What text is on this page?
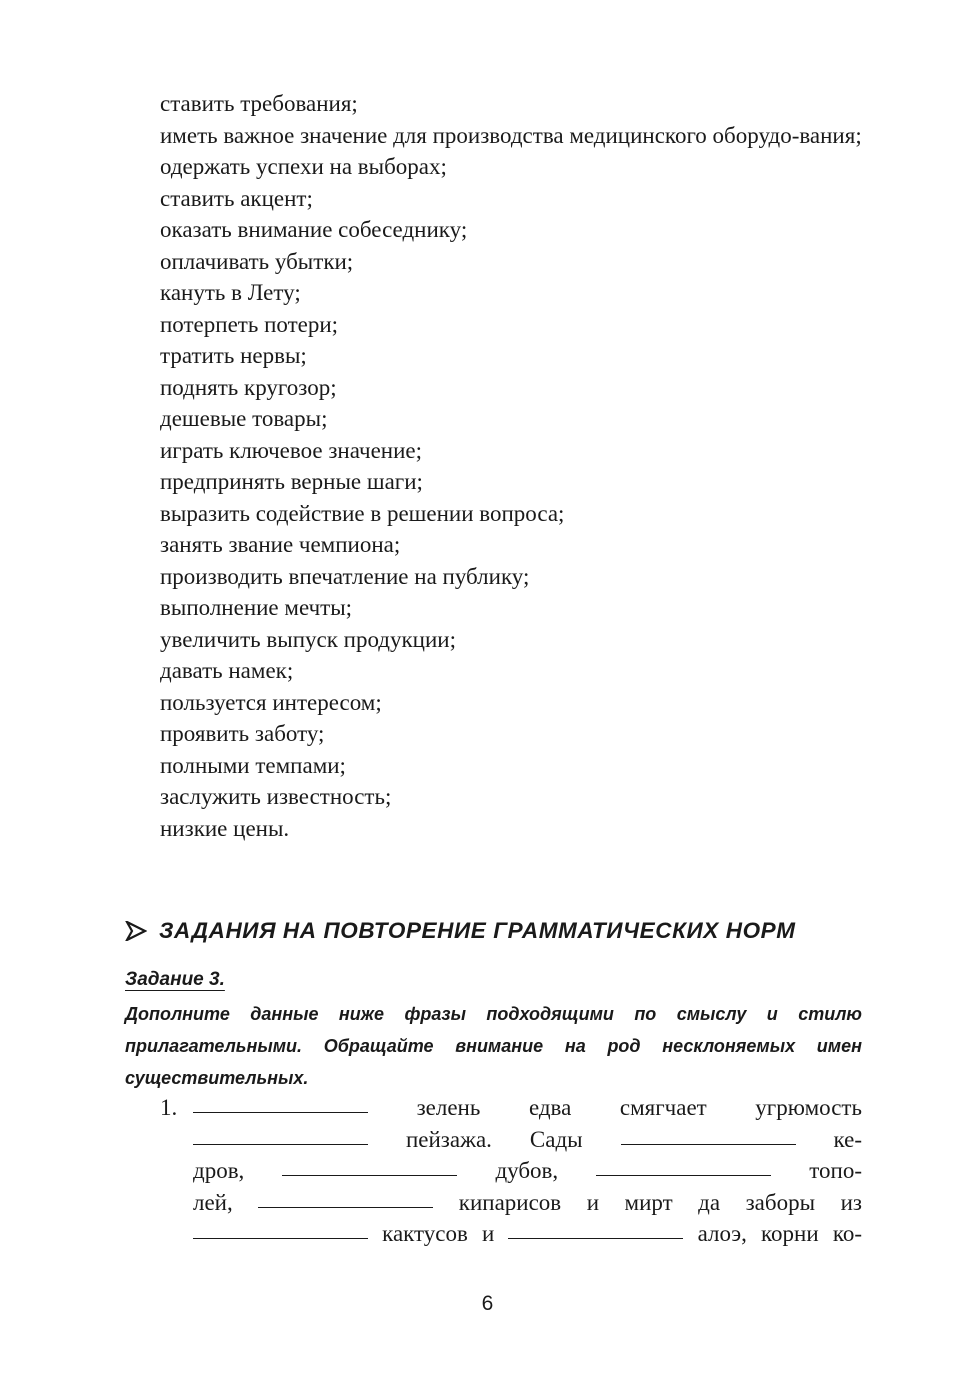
ставить требования;
иметь важное значение для производства медицинского оборудо-вания;
одержать успехи на выборах;
ставить акцент;
оказать внимание собеседнику;
оплачивать убытки;
кануть в Лету;
потерпеть потери;
тратить нервы;
поднять кругозор;
дешевые товары;
играть ключевое значение;
предпринять верные шаги;
выразить содействие в решении вопроса;
занять звание чемпиона;
производить впечатление на публику;
выполнение мечты;
увеличить выпуск продукции;
давать намек;
пользуется интересом;
проявить заботу;
полными темпами;
заслужить известность;
низкие цены.
ЗАДАНИЯ НА ПОВТОРЕНИЕ ГРАММАТИЧЕСКИХ НОРМ
Задание 3.

Дополните данные ниже фразы подходящими по смыслу и стилю прилагательными. Обращайте внимание на род несклоняемых имен существительных.

1.	зелень едва смягчает угрюмость
пейзажа. Сады	ке-
дров,	дубов,	топо-
лей,	кипарисов и мирт да заборы из
кактусов и	алоэ, корни ко-
6
